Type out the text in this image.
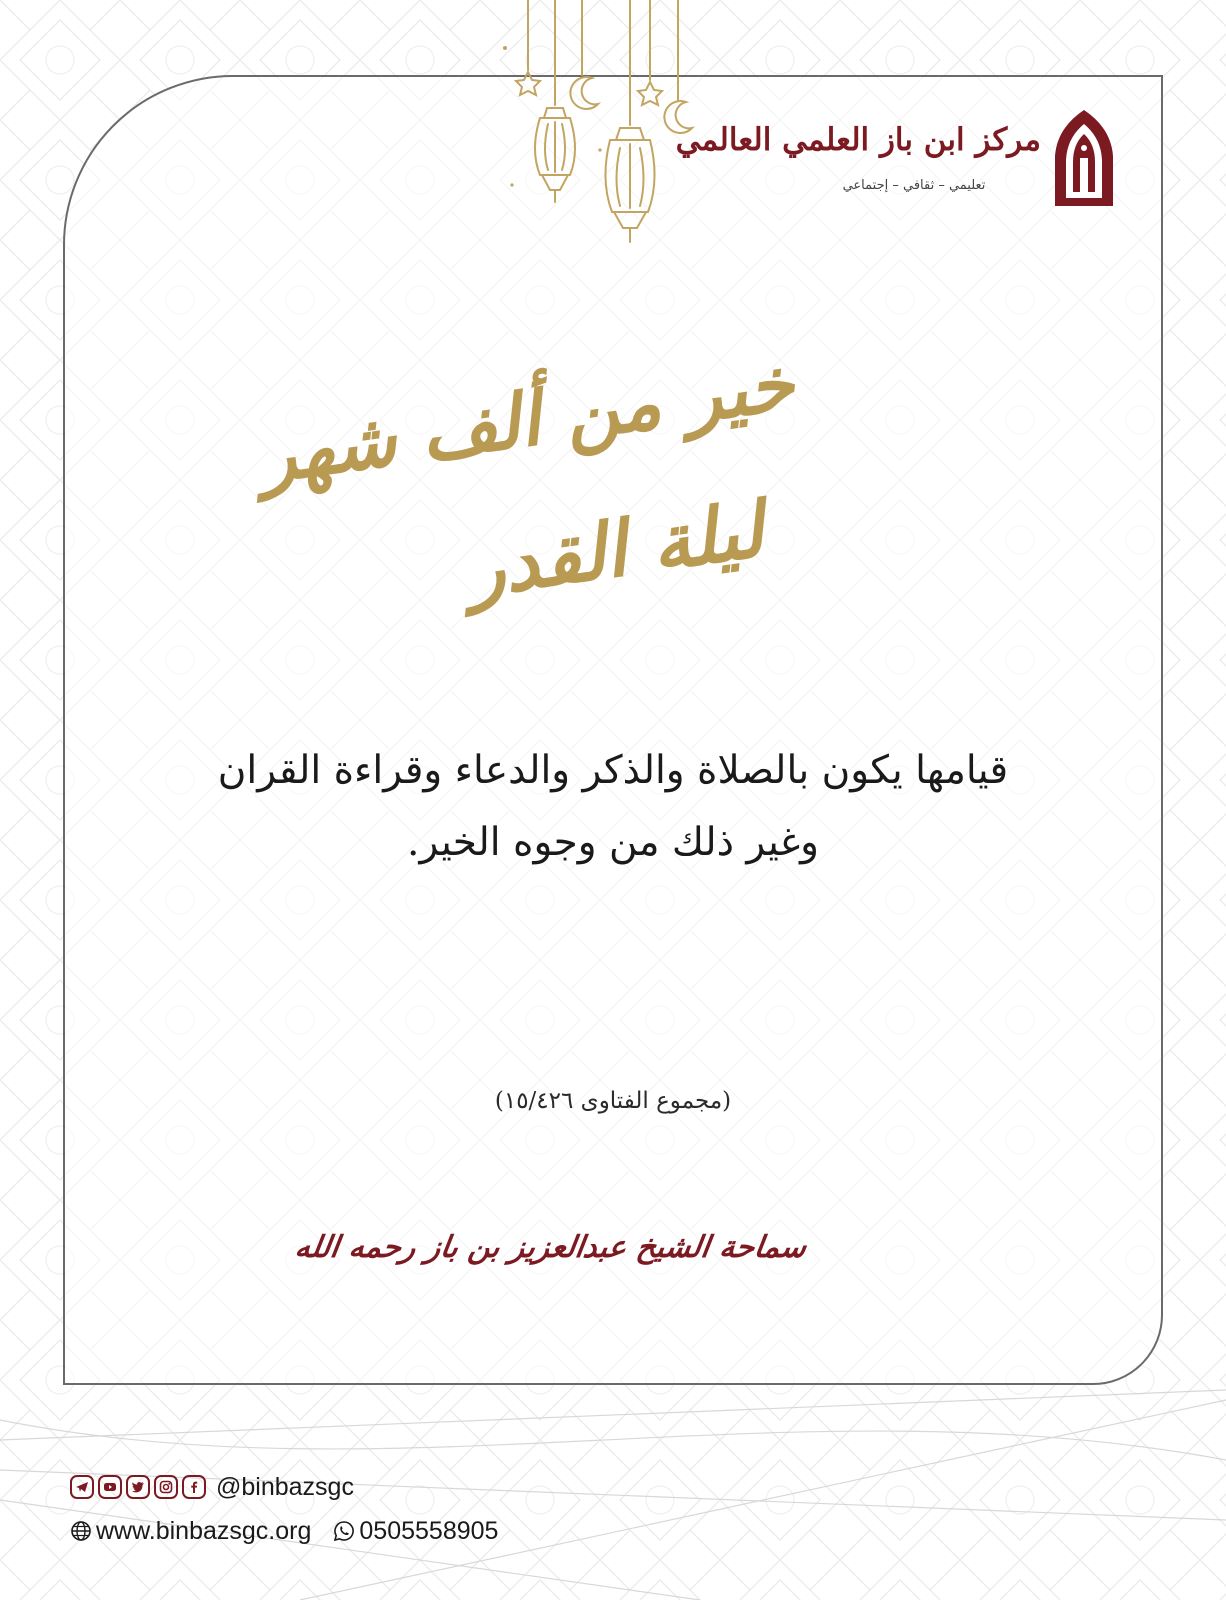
مركز ابن باز العلمي العالمي
تعليمي – ثقافي – إجتماعي
خير من ألف شهر
ليلة القدر
قيامها يكون بالصلاة والذكر والدعاء وقراءة القران
وغير ذلك من وجوه الخير.
(مجموع الفتاوى ١٥/٤٢٦)
سماحة الشيخ عبدالعزيز بن باز رحمه الله
@binbazsgc
www.binbazsgc.org 0505558905
